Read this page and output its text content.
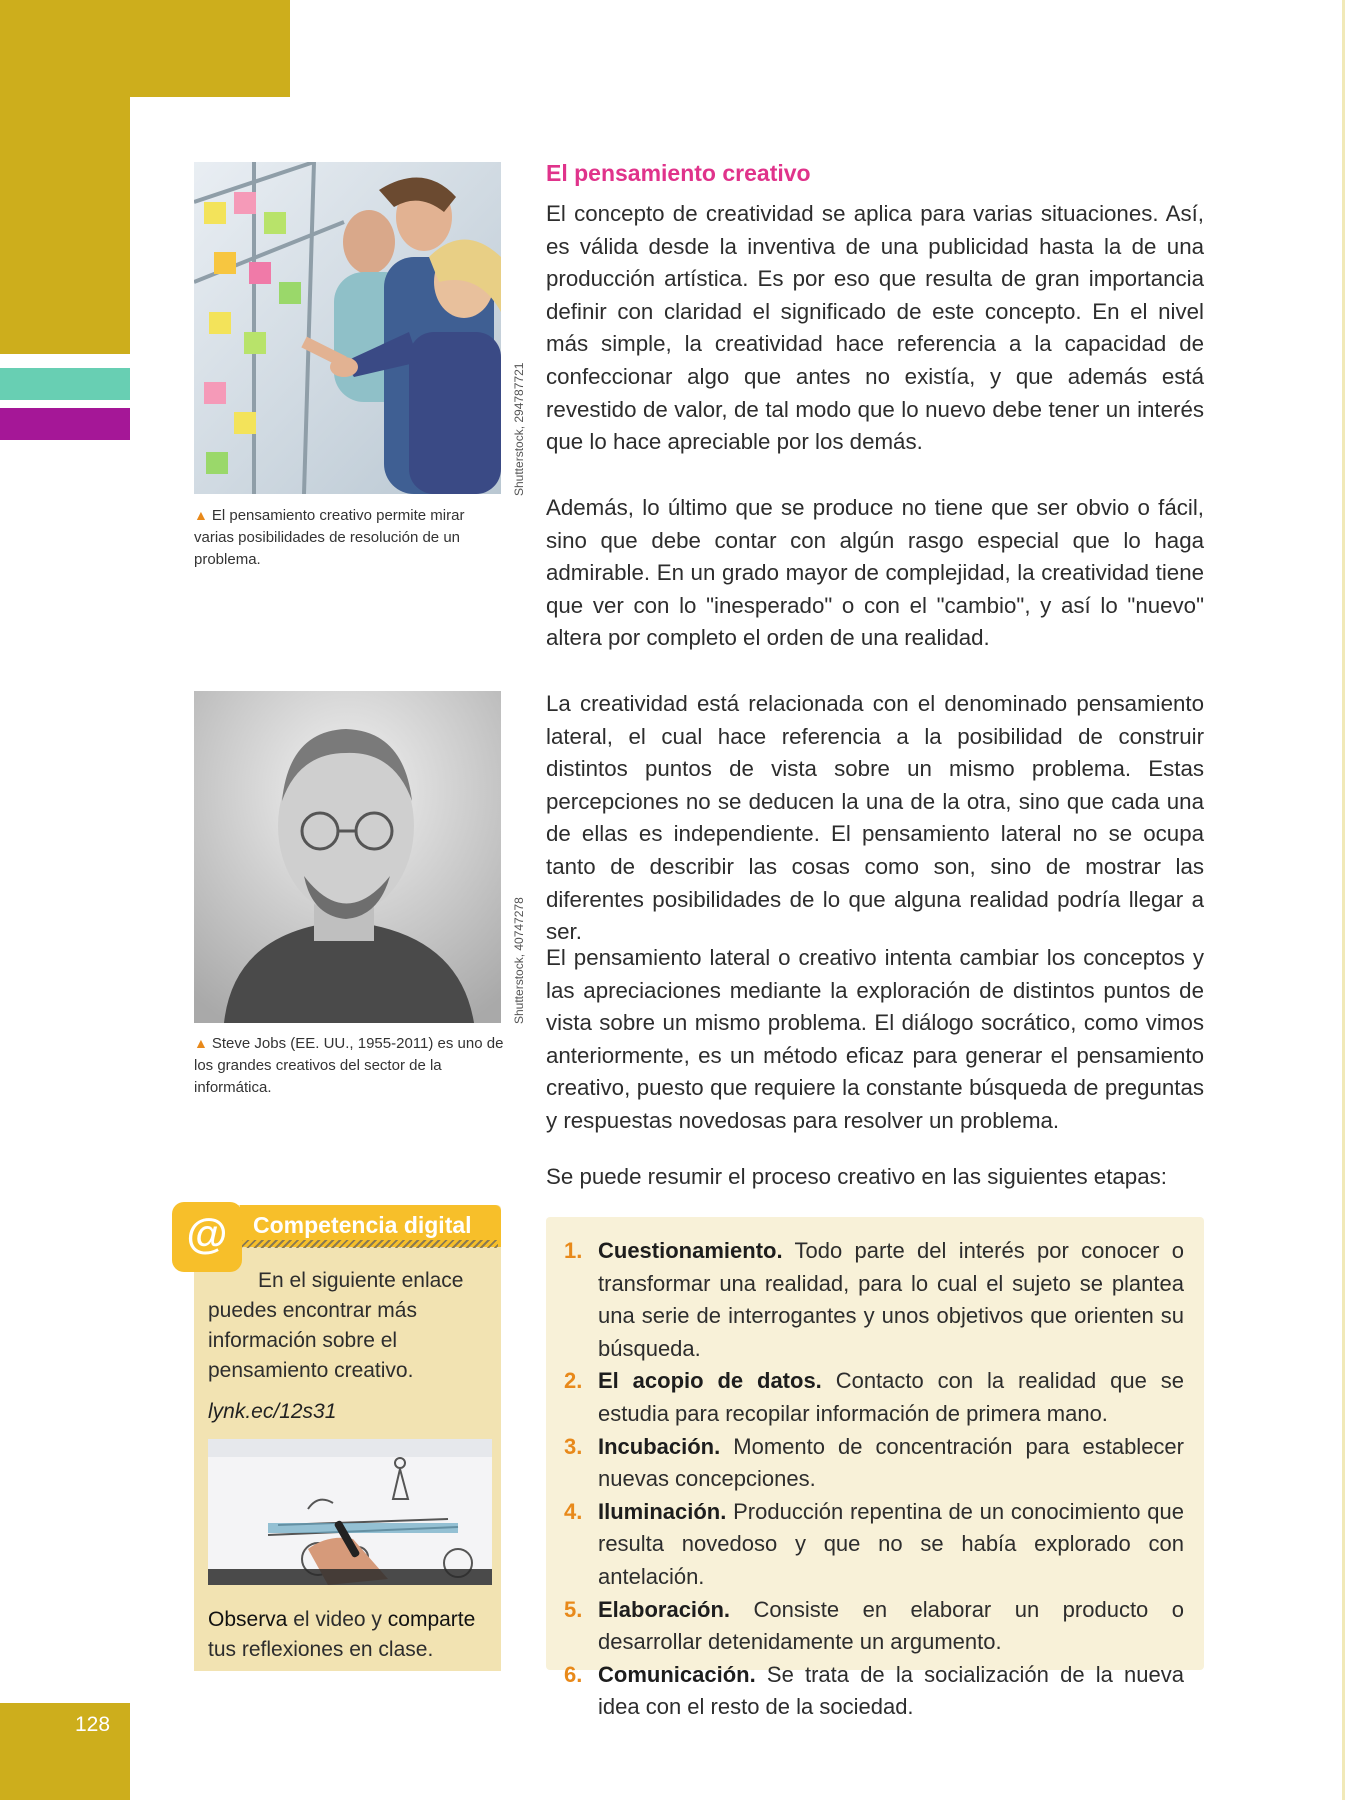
128
Shutterstock, 294787721
▲ El pensamiento creativo permite mirar varias posibilidades de resolución de un problema.
Shutterstock, 40747278
▲ Steve Jobs (EE. UU., 1955-2011) es uno de los grandes creativos del sector de la informática.
El pensamiento creativo
El concepto de creatividad se aplica para varias situaciones. Así, es válida desde la inventiva de una publicidad hasta la de una producción artística. Es por eso que resulta de gran importancia definir con claridad el significado de este concepto. En el nivel más simple, la creatividad hace referencia a la capacidad de confeccionar algo que antes no existía, y que además está revestido de valor, de tal modo que lo nuevo debe tener un interés que lo hace apreciable por los demás.
Además, lo último que se produce no tiene que ser obvio o fácil, sino que debe contar con algún rasgo especial que lo haga admirable. En un grado mayor de complejidad, la creatividad tiene que ver con lo "inesperado" o con el "cambio", y así lo "nuevo" altera por completo el orden de una realidad.
La creatividad está relacionada con el denominado pensamiento lateral, el cual hace referencia a la posibilidad de construir distintos puntos de vista sobre un mismo problema. Estas percepciones no se deducen la una de la otra, sino que cada una de ellas es independiente. El pensamiento lateral no se ocupa tanto de describir las cosas como son, sino de mostrar las diferentes posibilidades de lo que alguna realidad podría llegar a ser.
El pensamiento lateral o creativo intenta cambiar los conceptos y las apreciaciones mediante la exploración de distintos puntos de vista sobre un mismo problema. El diálogo socrático, como vimos anteriormente, es un método eficaz para generar el pensamiento creativo, puesto que requiere la constante búsqueda de preguntas y respuestas novedosas para resolver un problema.
Se puede resumir el proceso creativo en las siguientes etapas:
1. Cuestionamiento. Todo parte del interés por conocer o transformar una realidad, para lo cual el sujeto se plantea una serie de interrogantes y unos objetivos que orienten su búsqueda.
2. El acopio de datos. Contacto con la realidad que se estudia para recopilar información de primera mano.
3. Incubación. Momento de concentración para establecer nuevas concepciones.
4. Iluminación. Producción repentina de un conocimiento que resulta novedoso y que no se había explorado con antelación.
5. Elaboración. Consiste en elaborar un producto o desarrollar detenidamente un argumento.
6. Comunicación. Se trata de la socialización de la nueva idea con el resto de la sociedad.
@	Competencia digital
En el siguiente enlace puedes encontrar más información sobre el pensamiento creativo.
lynk.ec/12s31
Observa el video y comparte tus reflexiones en clase.
